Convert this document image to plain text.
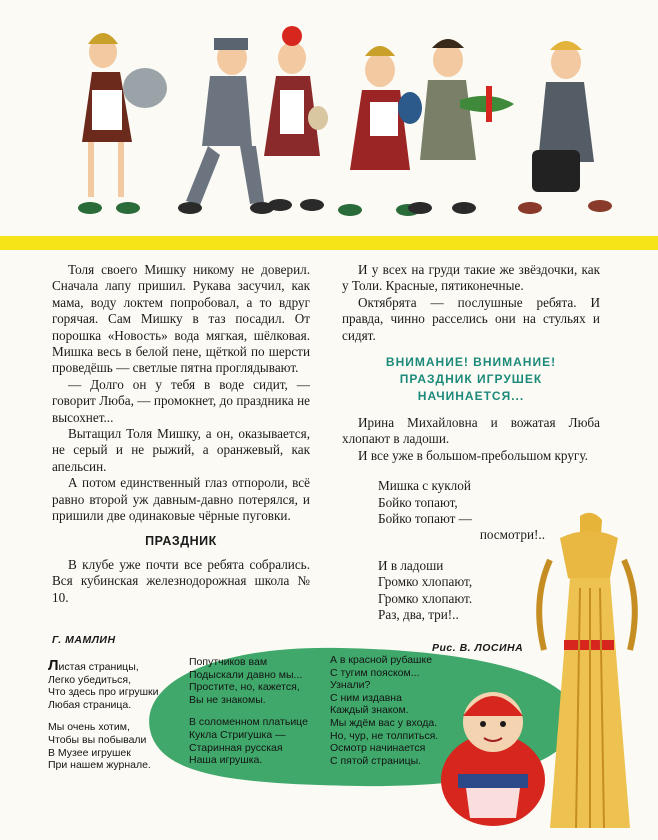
Толя своего Мишку никому не доверил. Сначала лапу пришил. Рукава засучил, как мама, воду локтем попробовал, а то вдруг горячая. Сам Мишку в таз посадил. От порошка «Новость» вода мягкая, шёлковая. Мишка весь в белой пене, щёткой по шерсти проведёшь — светлые пятна проглядывают.

— Долго он у тебя в воде сидит, — говорит Люба, — промокнет, до праздника не высохнет...

Вытащил Толя Мишку, а он, оказывается, не серый и не рыжий, а оранжевый, как апельсин.

А потом единственный глаз отпороли, всё равно второй уж давным-давно потерялся, и пришили две одинаковые чёрные пуговки.

ПРАЗДНИК

В клубе уже почти все ребята собрались. Вся кубинская железнодорожная школа № 10.

И у всех на груди такие же звёздочки, как у Толи. Красные, пятиконечные.

Октябрята — послушные ребята. И правда, чинно расселись они на стульях и сидят.

ВНИМАНИЕ! ВНИМАНИЕ!
ПРАЗДНИК ИГРУШЕК
НАЧИНАЕТСЯ...

Ирина Михайловна и вожатая Люба хлопают в ладоши.

И все уже в большом-пребольшом кругу.

Мишка с куклой

Бойко топают,

Бойко топают —

посмотри!..

И в ладоши

Громко хлопают,

Громко хлопают.

Раз, два, три!..

Г. МАМЛИН
Рис. В. ЛОСИНА
Листая страницы,
Легко убедиться,
Что здесь про игрушки
Любая страница.
Мы очень хотим,
Чтобы вы побывали
В Музее игрушек
При нашем журнале.
Попутчиков вам
Подыскали давно мы...
Простите, но, кажется,
Вы не знакомы.
В соломенном платьице
Кукла Стригушка —
Старинная русская
Наша игрушка.
А в красной рубашке
С тугим пояском...
Узнали?
С ним издавна
Каждый знаком.
Мы ждём вас у входа.
Но, чур, не толпиться.
Осмотр начинается
С пятой страницы.
